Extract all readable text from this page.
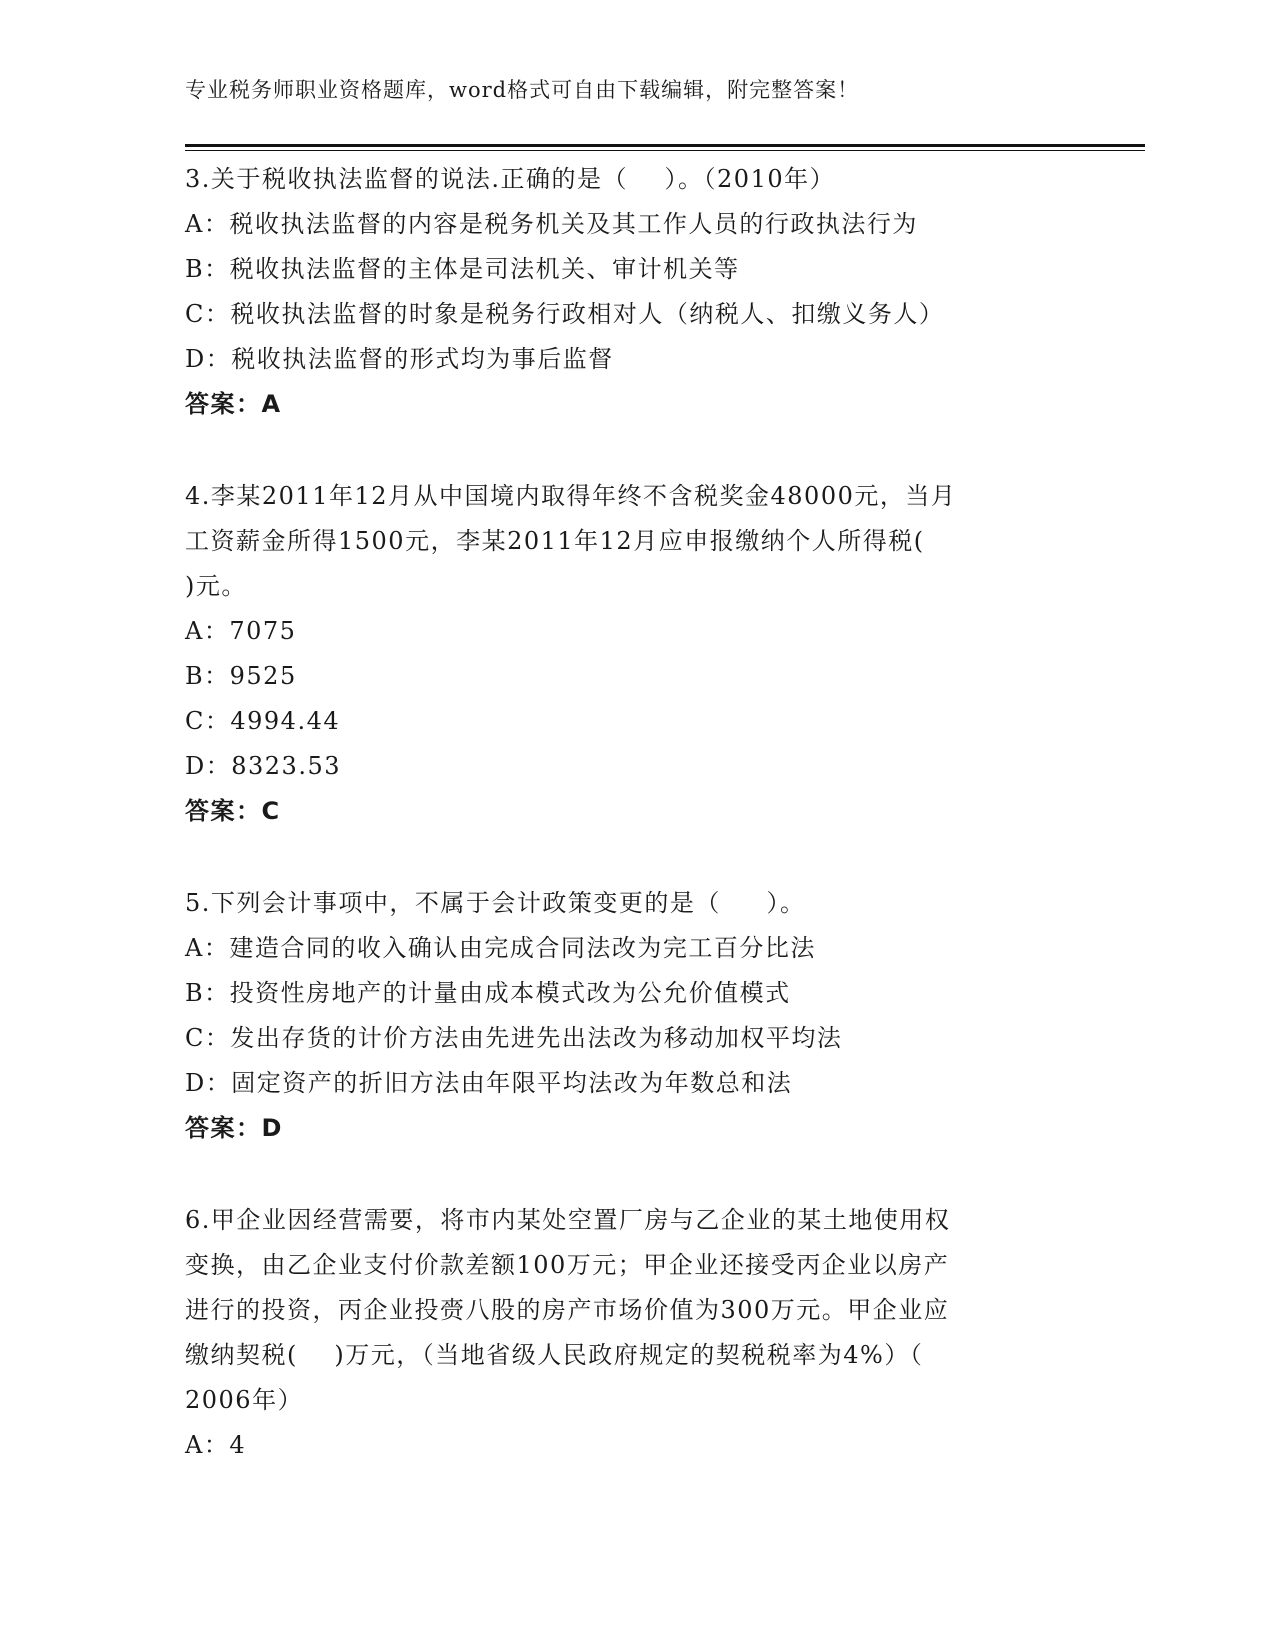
专业税务师职业资格题库，word格式可自由下载编辑，附完整答案！
3.关于税收执法监督的说法.正确的是（    ）。（2010年）
A：税收执法监督的内容是税务机关及其工作人员的行政执法行为
B：税收执法监督的主体是司法机关、审计机关等
C：税收执法监督的时象是税务行政相对人（纳税人、扣缴义务人）
D：税收执法监督的形式均为事后监督
答案：A
4.李某2011年12月从中国境内取得年终不含税奖金48000元，当月
工资薪金所得1500元，李某2011年12月应申报缴纳个人所得税(
)元。
A：7075
B：9525
C：4994.44
D：8323.53
答案：C
5.下列会计事项中，不属于会计政策变更的是（     ）。
A：建造合同的收入确认由完成合同法改为完工百分比法
B：投资性房地产的计量由成本模式改为公允价值模式
C：发出存货的计价方法由先进先出法改为移动加权平均法
D：固定资产的折旧方法由年限平均法改为年数总和法
答案：D
6.甲企业因经营需要，将市内某处空置厂房与乙企业的某土地使用权
变换，由乙企业支付价款差额100万元；甲企业还接受丙企业以房产
进行的投资，丙企业投赍八股的房产市场价值为300万元。甲企业应
缴纳契税(    )万元，（当地省级人民政府规定的契税税率为4%）（
2006年）
A：4
